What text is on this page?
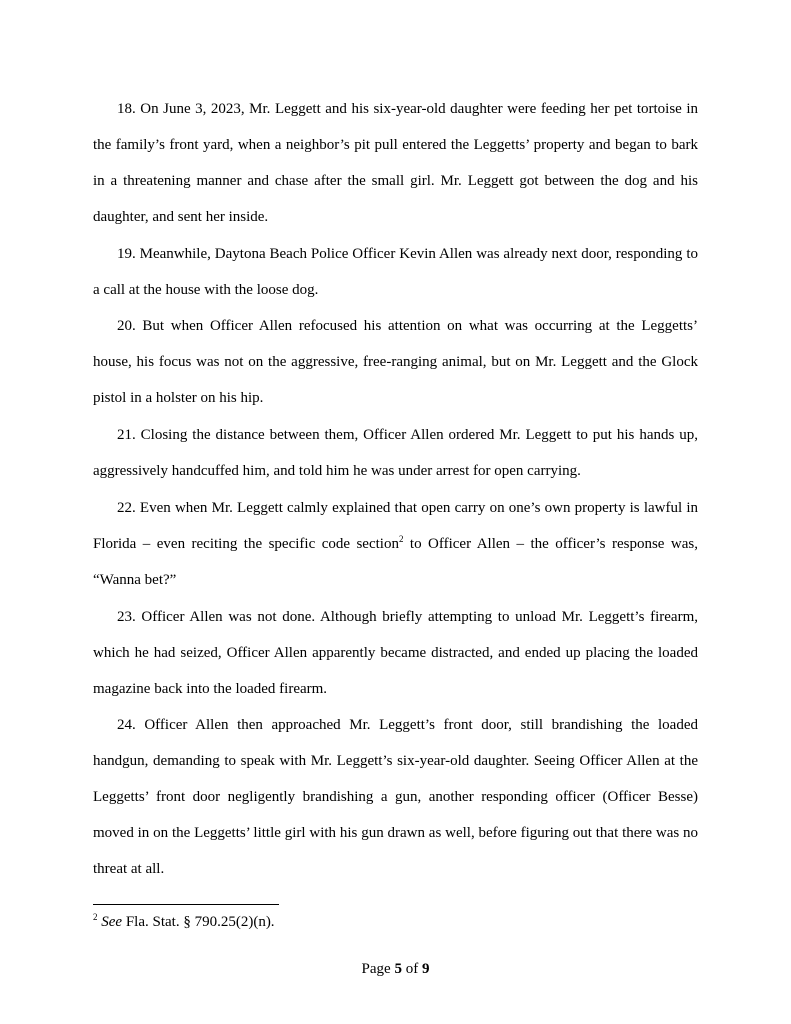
18. On June 3, 2023, Mr. Leggett and his six-year-old daughter were feeding her pet tortoise in the family’s front yard, when a neighbor’s pit pull entered the Leggetts’ property and began to bark in a threatening manner and chase after the small girl. Mr. Leggett got between the dog and his daughter, and sent her inside.

19. Meanwhile, Daytona Beach Police Officer Kevin Allen was already next door, responding to a call at the house with the loose dog.

20. But when Officer Allen refocused his attention on what was occurring at the Leggetts’ house, his focus was not on the aggressive, free-ranging animal, but on Mr. Leggett and the Glock pistol in a holster on his hip.

21. Closing the distance between them, Officer Allen ordered Mr. Leggett to put his hands up, aggressively handcuffed him, and told him he was under arrest for open carrying.

22. Even when Mr. Leggett calmly explained that open carry on one’s own property is lawful in Florida – even reciting the specific code section$^2$ to Officer Allen – the officer’s response was, “Wanna bet?”

23. Officer Allen was not done. Although briefly attempting to unload Mr. Leggett’s firearm, which he had seized, Officer Allen apparently became distracted, and ended up placing the loaded magazine back into the loaded firearm.

24. Officer Allen then approached Mr. Leggett’s front door, still brandishing the loaded handgun, demanding to speak with Mr. Leggett’s six-year-old daughter. Seeing Officer Allen at the Leggetts’ front door negligently brandishing a gun, another responding officer (Officer Besse) moved in on the Leggetts’ little girl with his gun drawn as well, before figuring out that there was no threat at all.

$^2$ See Fla. Stat. § 790.25(2)(n).
Page 5 of 9
